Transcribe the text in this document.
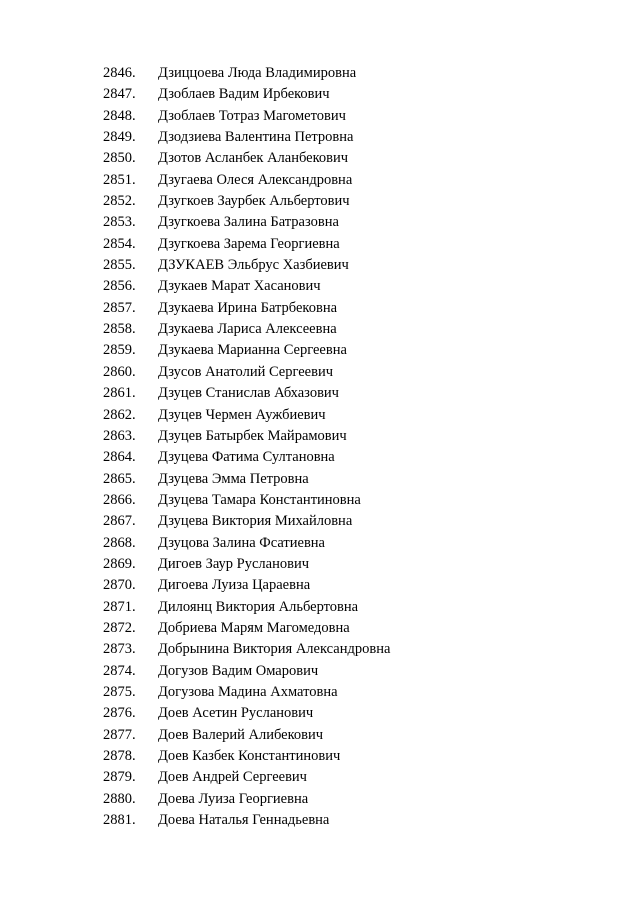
2846. Дзиццоева Люда Владимировна
2847. Дзоблаев Вадим Ирбекович
2848. Дзоблаев Тотраз Магометович
2849. Дзодзиева Валентина Петровна
2850. Дзотов Асланбек Аланбекович
2851. Дзугаева Олеся Александровна
2852. Дзугкоев Заурбек Альбертович
2853. Дзугкоева Залина Батразовна
2854. Дзугкоева Зарема Георгиевна
2855. ДЗУКАЕВ Эльбрус Хазбиевич
2856. Дзукаев Марат Хасанович
2857. Дзукаева Ирина Батрбековна
2858. Дзукаева Лариса Алексеевна
2859. Дзукаева Марианна Сергеевна
2860. Дзусов Анатолий Сергеевич
2861. Дзуцев Станислав Абхазович
2862. Дзуцев Чермен Аужбиевич
2863. Дзуцев Батырбек Майрамович
2864. Дзуцева Фатима Султановна
2865. Дзуцева Эмма Петровна
2866. Дзуцева Тамара Константиновна
2867. Дзуцева Виктория Михайловна
2868. Дзуцова Залина Фсатиевна
2869. Дигоев Заур Русланович
2870. Дигоева Луиза Цараевна
2871. Дилоянц Виктория Альбертовна
2872. Добриева Марям Магомедовна
2873. Добрынина Виктория Александровна
2874. Догузов Вадим Омарович
2875. Догузова Мадина Ахматовна
2876. Доев Асетин Русланович
2877. Доев Валерий Алибекович
2878. Доев Казбек Константинович
2879. Доев Андрей Сергеевич
2880. Доева Луиза Георгиевна
2881. Доева Наталья Геннадьевна
